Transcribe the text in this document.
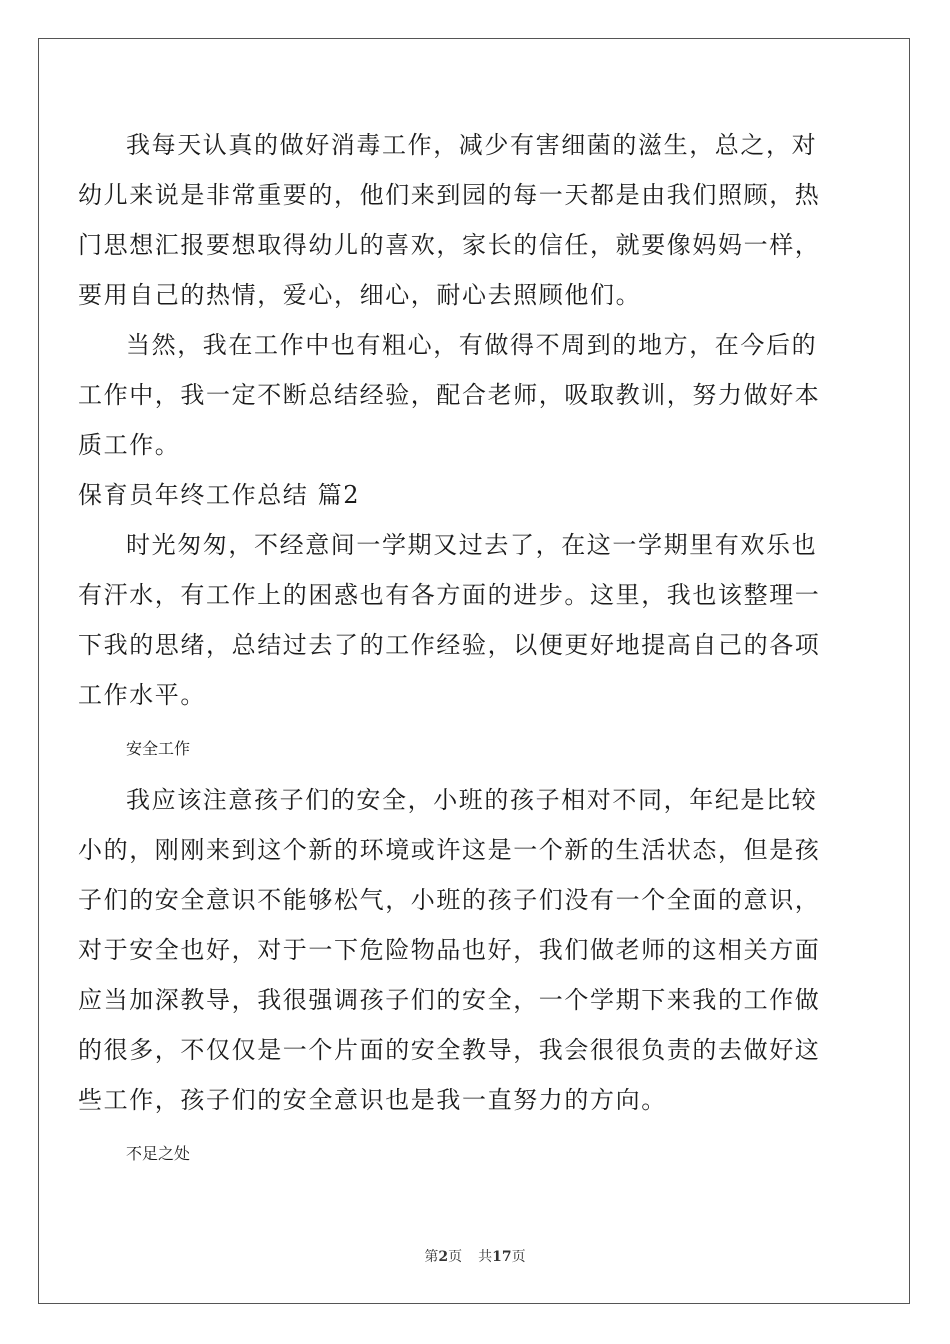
我每天认真的做好消毒工作，减少有害细菌的滋生，总之，对幼儿来说是非常重要的，他们来到园的每一天都是由我们照顾，热门思想汇报要想取得幼儿的喜欢，家长的信任，就要像妈妈一样，要用自己的热情，爱心，细心，耐心去照顾他们。

当然，我在工作中也有粗心，有做得不周到的地方，在今后的工作中，我一定不断总结经验，配合老师，吸取教训，努力做好本质工作。

保育员年终工作总结 篇2

时光匆匆，不经意间一学期又过去了，在这一学期里有欢乐也有汗水，有工作上的困惑也有各方面的进步。这里，我也该整理一下我的思绪，总结过去了的工作经验，以便更好地提高自己的各项工作水平。

安全工作

我应该注意孩子们的安全，小班的孩子相对不同，年纪是比较小的，刚刚来到这个新的环境或许这是一个新的生活状态，但是孩子们的安全意识不能够松气，小班的孩子们没有一个全面的意识，对于安全也好，对于一下危险物品也好，我们做老师的这相关方面应当加深教导，我很强调孩子们的安全，一个学期下来我的工作做的很多，不仅仅是一个片面的安全教导，我会很很负责的去做好这些工作，孩子们的安全意识也是我一直努力的方向。

不足之处

第2页 共17页
